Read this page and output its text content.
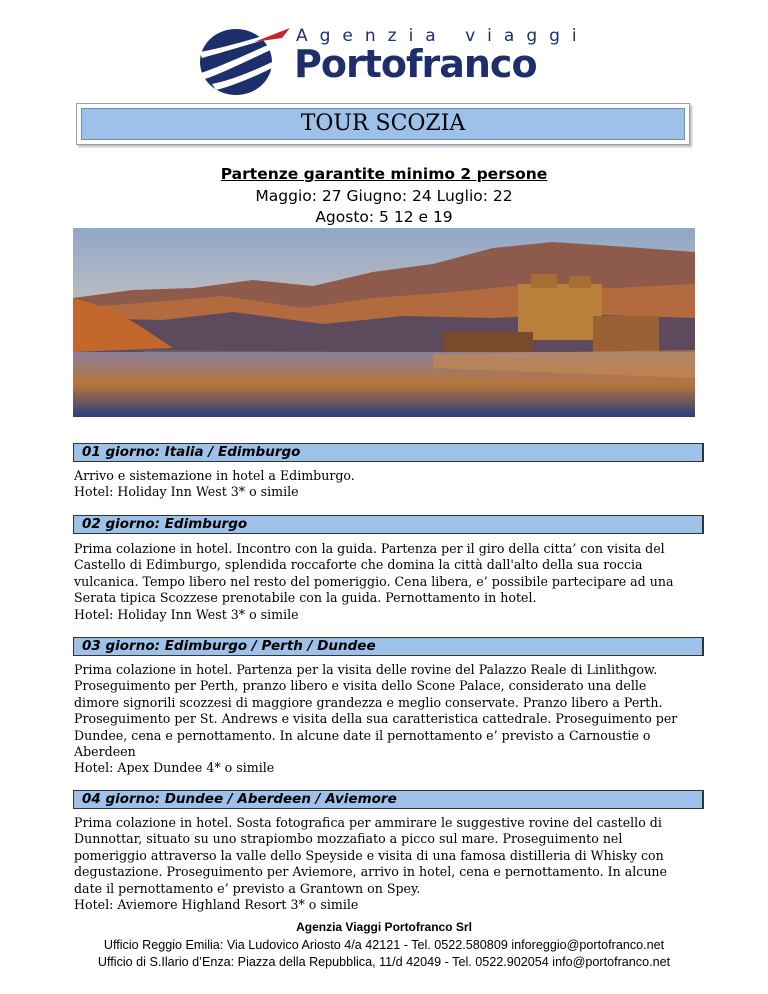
Agenzia viaggi
Portofranco
TOUR SCOZIA
Partenze garantite minimo 2 persone
Maggio: 27 Giugno: 24 Luglio: 22
Agosto: 5 12 e 19
01 giorno: Italia / Edimburgo

Arrivo e sistemazione in hotel a Edimburgo.

Hotel: Holiday Inn West 3* o simile

02 giorno: Edimburgo

Prima colazione in hotel. Incontro con la guida. Partenza per il giro della citta’ con visita del

Castello di Edimburgo, splendida roccaforte che domina la città dall'alto della sua roccia

vulcanica. Tempo libero nel resto del pomeriggio. Cena libera, e’ possibile partecipare ad una

Serata tipica Scozzese prenotabile con la guida. Pernottamento in hotel.

Hotel: Holiday Inn West 3* o simile

03 giorno: Edimburgo / Perth / Dundee

Prima colazione in hotel. Partenza per la visita delle rovine del Palazzo Reale di Linlithgow.

Proseguimento per Perth, pranzo libero e visita dello Scone Palace, considerato una delle

dimore signorili scozzesi di maggiore grandezza e meglio conservate. Pranzo libero a Perth.

Proseguimento per St. Andrews e visita della sua caratteristica cattedrale. Proseguimento per

Dundee, cena e pernottamento. In alcune date il pernottamento e’ previsto a Carnoustie o

Aberdeen

Hotel: Apex Dundee 4* o simile

04 giorno: Dundee / Aberdeen / Aviemore

Prima colazione in hotel. Sosta fotografica per ammirare le suggestive rovine del castello di

Dunnottar, situato su uno strapiombo mozzafiato a picco sul mare. Proseguimento nel

pomeriggio attraverso la valle dello Speyside e visita di una famosa distilleria di Whisky con

degustazione. Proseguimento per Aviemore, arrivo in hotel, cena e pernottamento. In alcune

date il pernottamento e’ previsto a Grantown on Spey.

Hotel: Aviemore Highland Resort 3* o simile

Agenzia Viaggi Portofranco Srl
Ufficio Reggio Emilia: Via Ludovico Ariosto 4/a 42121 - Tel. 0522.580809 inforeggio@portofranco.net
Ufficio di S.Ilario d’Enza: Piazza della Repubblica, 11/d 42049 - Tel. 0522.902054 info@portofranco.net
